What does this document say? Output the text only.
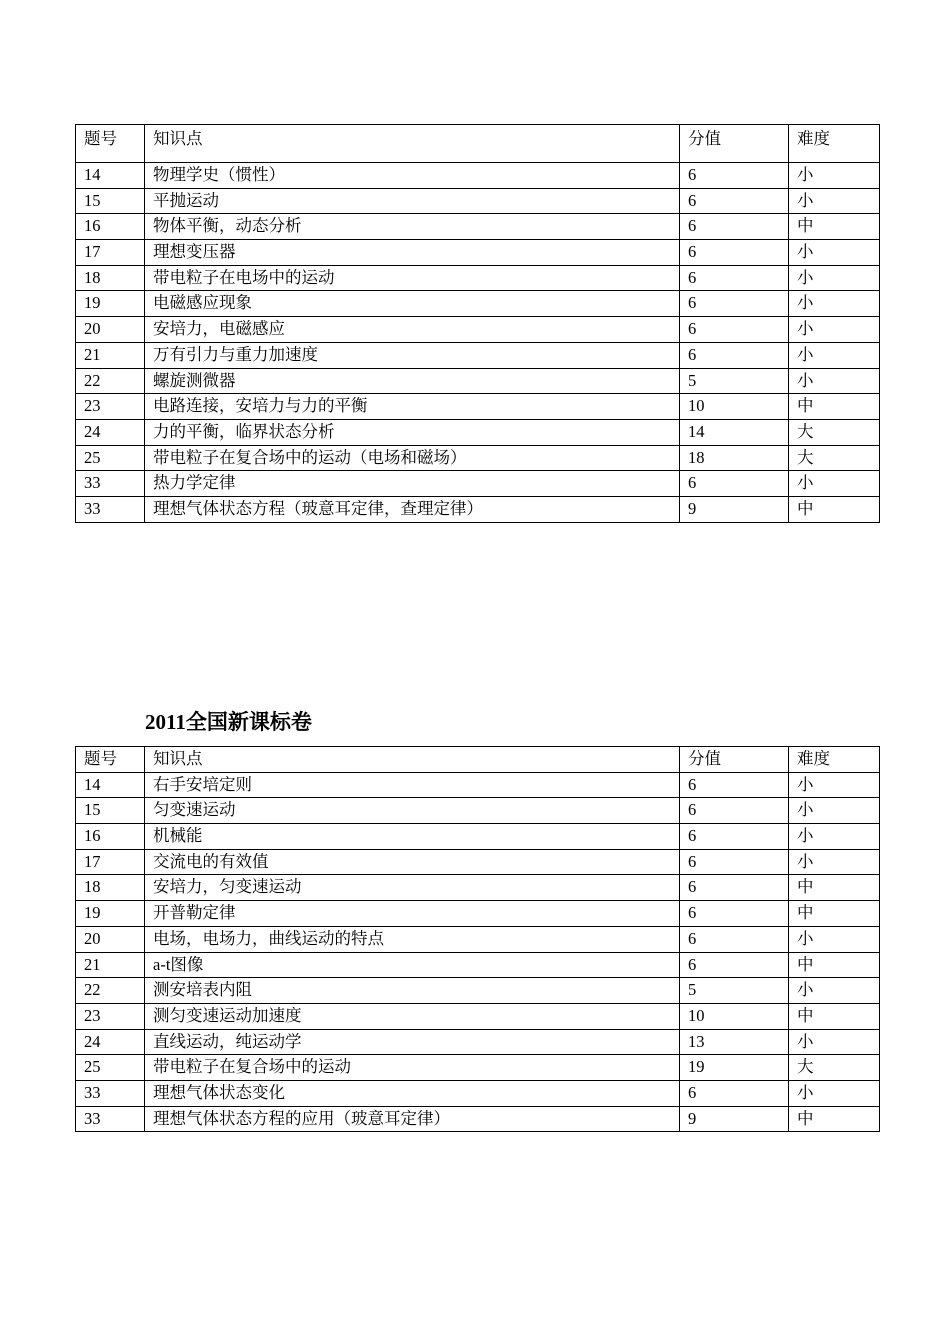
题号	知识点	分值	难度
14	物理学史（惯性）	6	小
15	平抛运动	6	小
16	物体平衡，动态分析	6	中
17	理想变压器	6	小
18	带电粒子在电场中的运动	6	小
19	电磁感应现象	6	小
20	安培力，电磁感应	6	小
21	万有引力与重力加速度	6	小
22	螺旋测微器	5	小
23	电路连接，安培力与力的平衡	10	中
24	力的平衡，临界状态分析	14	大
25	带电粒子在复合场中的运动（电场和磁场）	18	大
33	热力学定律	6	小
33	理想气体状态方程（玻意耳定律，查理定律）	9	中
2011全国新课标卷
题号	知识点	分值	难度
14	右手安培定则	6	小
15	匀变速运动	6	小
16	机械能	6	小
17	交流电的有效值	6	小
18	安培力，匀变速运动	6	中
19	开普勒定律	6	中
20	电场，电场力，曲线运动的特点	6	小
21	a-t图像	6	中
22	测安培表内阻	5	小
23	测匀变速运动加速度	10	中
24	直线运动，纯运动学	13	小
25	带电粒子在复合场中的运动	19	大
33	理想气体状态变化	6	小
33	理想气体状态方程的应用（玻意耳定律）	9	中
